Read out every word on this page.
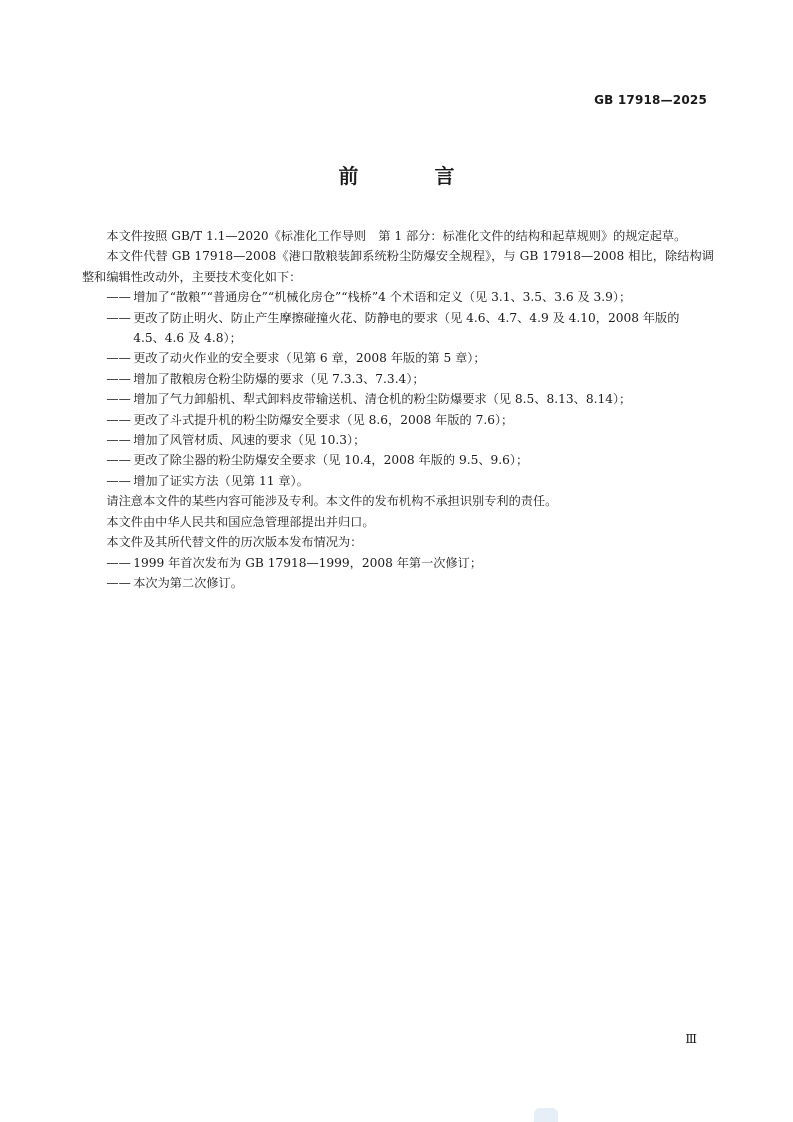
GB 17918—2025
前　言

本文件按照 GB/T 1.1—2020《标准化工作导则　第 1 部分：标准化文件的结构和起草规则》的规定起草。

本文件代替 GB 17918—2008《港口散粮装卸系统粉尘防爆安全规程》，与 GB 17918—2008 相比，除结构调整和编辑性改动外，主要技术变化如下：

—— 增加了“散粮”“普通房仓”“机械化房仓”“栈桥”4 个术语和定义（见 3.1、3.5、3.6 及 3.9）；

—— 更改了防止明火、防止产生摩擦碰撞火花、防静电的要求（见 4.6、4.7、4.9 及 4.10，2008 年版的 4.5、4.6 及 4.8）；

—— 更改了动火作业的安全要求（见第 6 章，2008 年版的第 5 章）；

—— 增加了散粮房仓粉尘防爆的要求（见 7.3.3、7.3.4）；

—— 增加了气力卸船机、犁式卸料皮带输送机、清仓机的粉尘防爆要求（见 8.5、8.13、8.14）；

—— 更改了斗式提升机的粉尘防爆安全要求（见 8.6，2008 年版的 7.6）；

—— 增加了风管材质、风速的要求（见 10.3）；

—— 更改了除尘器的粉尘防爆安全要求（见 10.4，2008 年版的 9.5、9.6）；

—— 增加了证实方法（见第 11 章）。

请注意本文件的某些内容可能涉及专利。本文件的发布机构不承担识别专利的责任。

本文件由中华人民共和国应急管理部提出并归口。

本文件及其所代替文件的历次版本发布情况为：

—— 1999 年首次发布为 GB 17918—1999，2008 年第一次修订；

—— 本次为第二次修订。

Ⅲ
